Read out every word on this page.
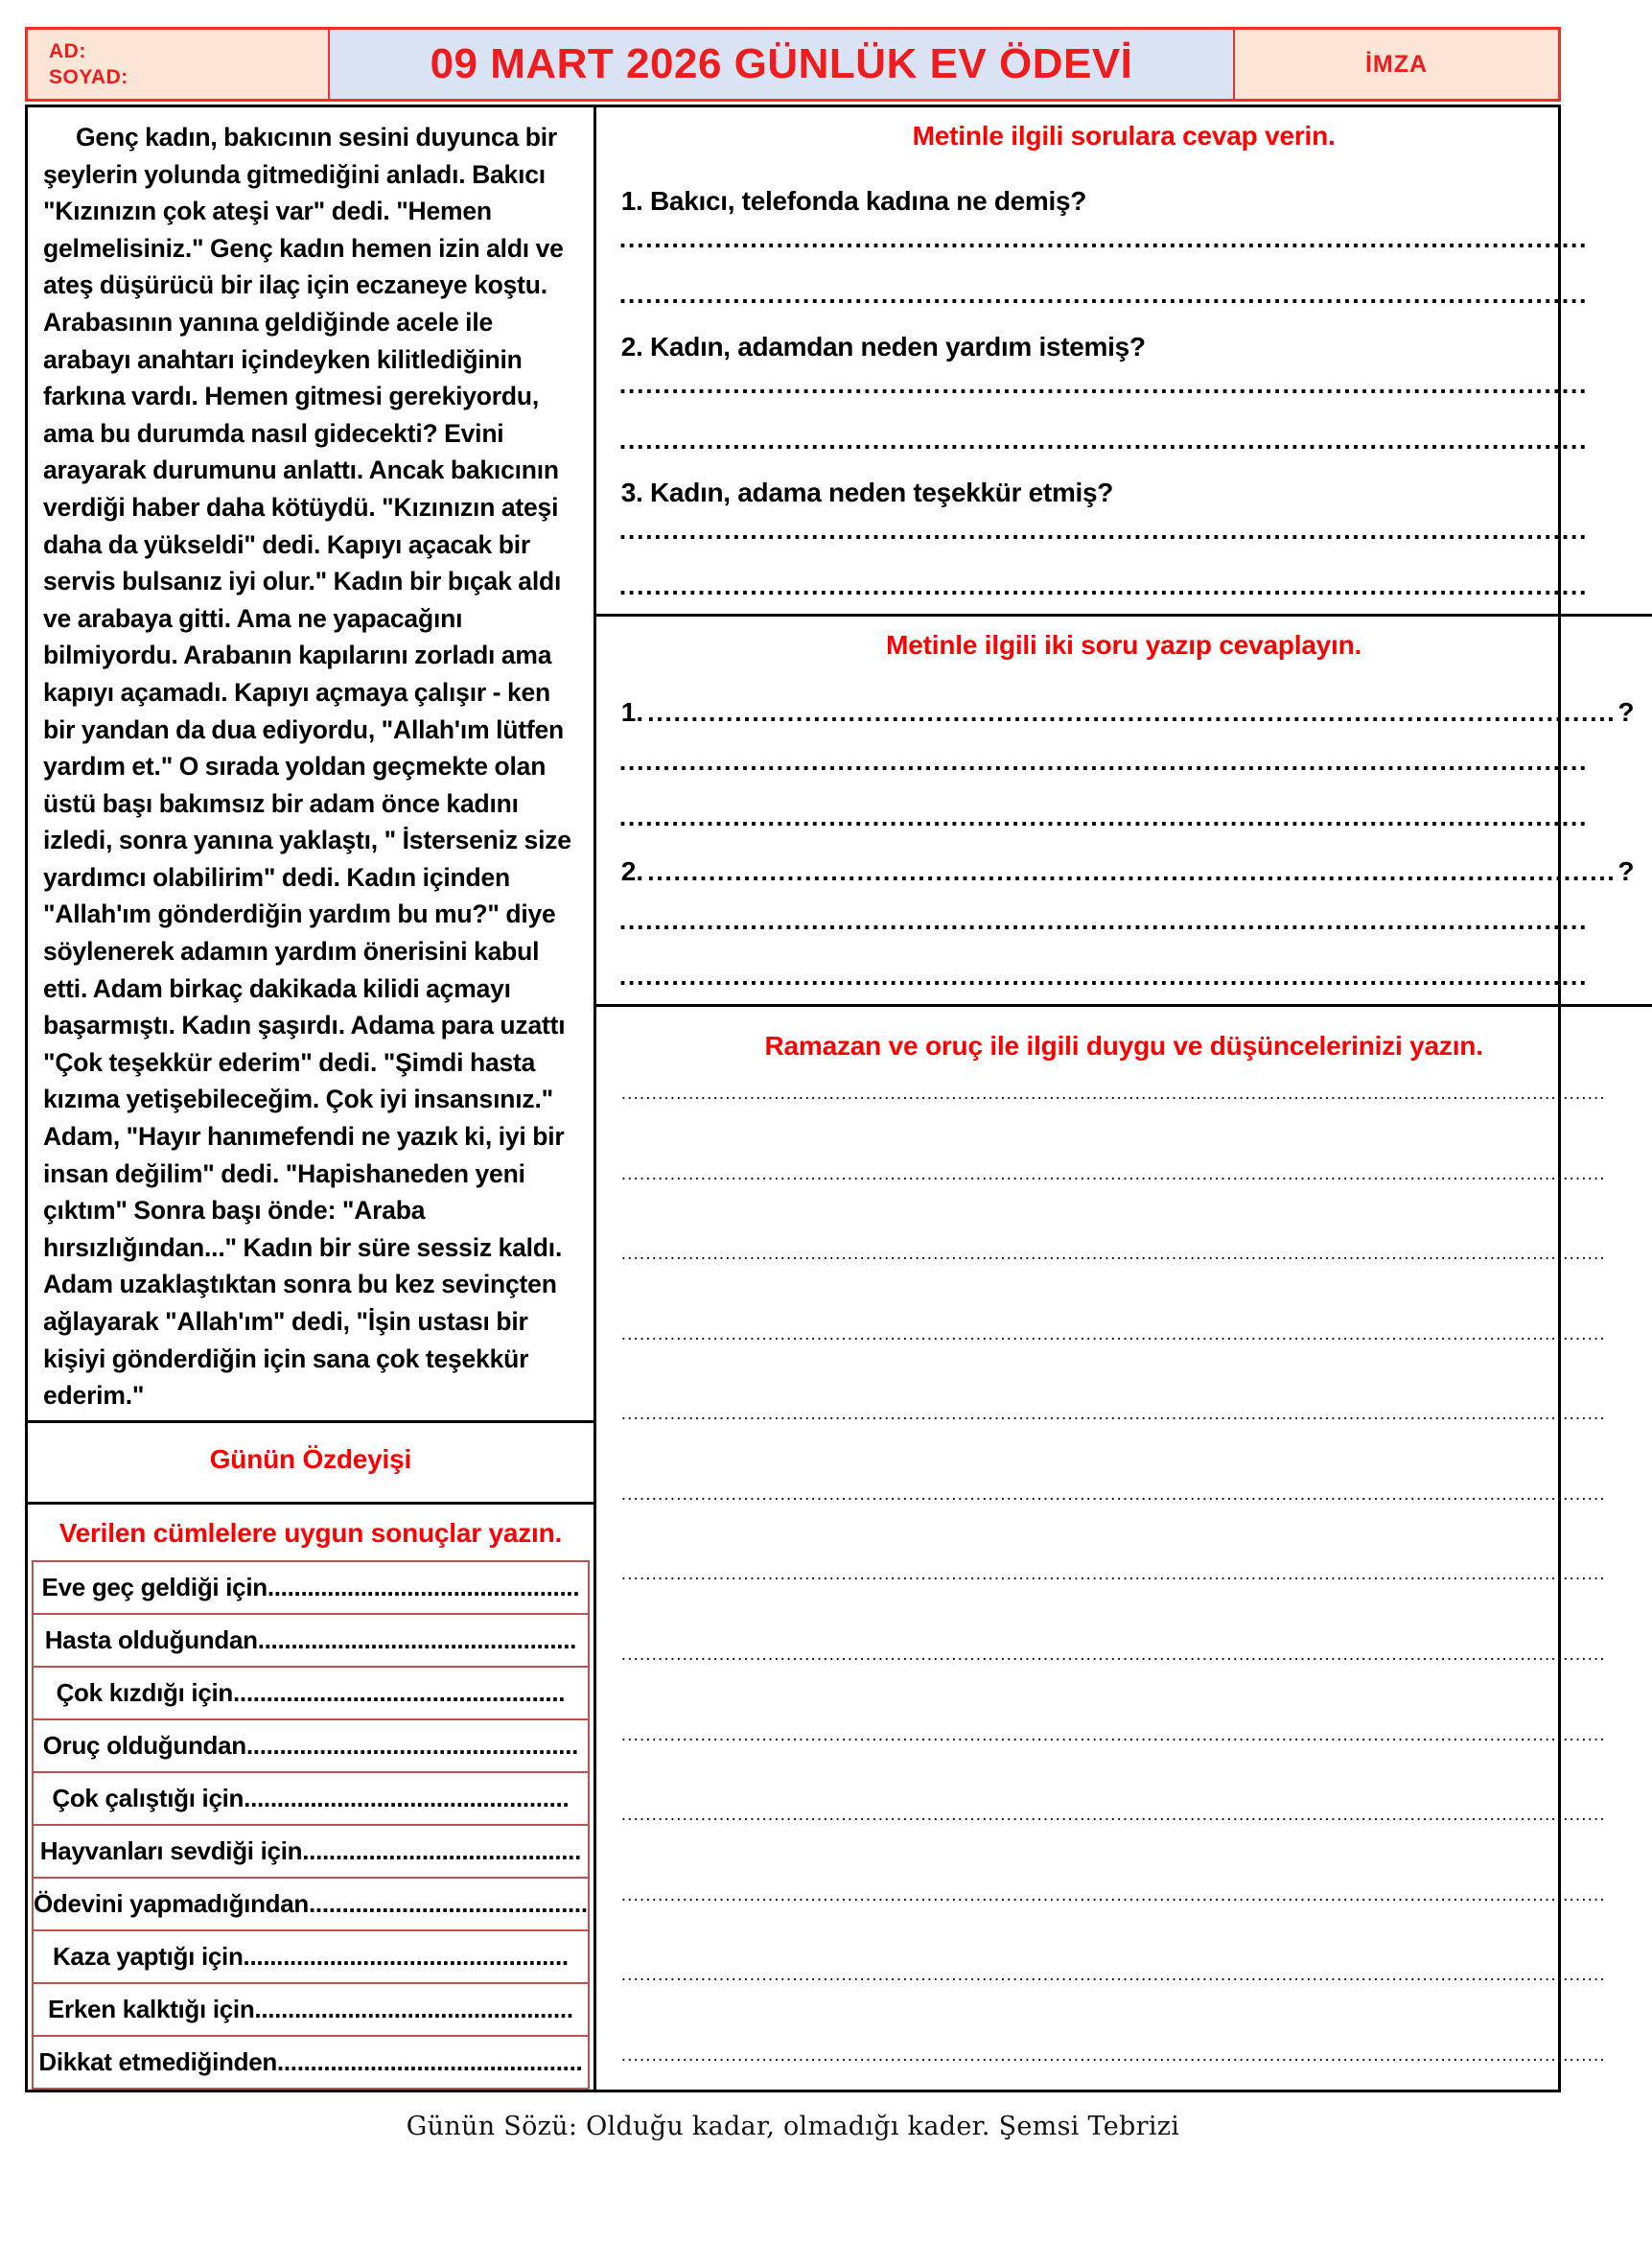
AD:
SOYAD:	09 MART 2026 GÜNLÜK EV ÖDEVİ	İMZA

Genç kadın, bakıcının sesini duyunca bir şeylerin yolunda gitmediğini anladı. Bakıcı "Kızınızın çok ateşi var" dedi. "Hemen gelmelisiniz." Genç kadın hemen izin aldı ve ateş düşürücü bir ilaç için eczaneye koştu. Arabasının yanına geldiğinde acele ile arabayı anahtarı içindeyken kilitlediğinin farkına vardı. Hemen gitmesi gerekiyordu, ama bu durumda nasıl gidecekti? Evini arayarak durumunu anlattı. Ancak bakıcının verdiği haber daha kötüydü. "Kızınızın ateşi daha da yükseldi" dedi. Kapıyı açacak bir servis bulsanız iyi olur." Kadın bir bıçak aldı ve arabaya gitti. Ama ne yapacağını bilmiyordu. Arabanın kapılarını zorladı ama kapıyı açamadı. Kapıyı açmaya çalışır - ken bir yandan da dua ediyordu, "Allah'ım lütfen yardım et." O sırada yoldan geçmekte olan üstü başı bakımsız bir adam önce kadını izledi, sonra yanına yaklaştı, " İsterseniz size yardımcı olabilirim" dedi. Kadın içinden "Allah'ım gönderdiğin yardım bu mu?" diye söylenerek adamın yardım önerisini kabul etti. Adam birkaç dakikada kilidi açmayı başarmıştı. Kadın şaşırdı. Adama para uzattı "Çok teşekkür ederim" dedi. "Şimdi hasta kızıma yetişebileceğim. Çok iyi insansınız." Adam, "Hayır hanımefendi ne yazık ki, iyi bir insan değilim" dedi. "Hapishaneden yeni çıktım" Sonra başı önde: "Araba hırsızlığından..." Kadın bir süre sessiz kaldı. Adam uzaklaştıktan sonra bu kez sevinçten ağlayarak "Allah'ım" dedi, "İşin ustası bir kişiyi gönderdiğin için sana çok teşekkür ederim."

Günün Özdeyişi
Verilen cümlelere uygun sonuçlar yazın.
Eve geç geldiği için...............................................
Hasta olduğundan................................................
Çok kızdığı için..................................................
Oruç olduğundan..................................................
Çok çalıştığı için.................................................
Hayvanları sevdiği için..........................................
Ödevini yapmadığından..........................................
Kaza yaptığı için.................................................
Erken kalktığı için................................................
Dikkat etmediğinden..............................................
Metinle ilgili sorulara cevap verin.
1. Bakıcı, telefonda kadına ne demiş?
...............................................................................................................
...............................................................................................................
2. Kadın, adamdan neden yardım istemiş?
...............................................................................................................
...............................................................................................................
3. Kadın, adama neden teşekkür etmiş?
...............................................................................................................
...............................................................................................................
Metinle ilgili iki soru yazıp cevaplayın.
1. ............................................................................................................... ?
...............................................................................................................
...............................................................................................................
2. ............................................................................................................... ?
...............................................................................................................
...............................................................................................................
Ramazan ve oruç ile ilgili duygu ve düşüncelerinizi yazın.
.................................................................................................................................................................
.................................................................................................................................................................
.................................................................................................................................................................
.................................................................................................................................................................
.................................................................................................................................................................
.................................................................................................................................................................
.................................................................................................................................................................
.................................................................................................................................................................
.................................................................................................................................................................
.................................................................................................................................................................
.................................................................................................................................................................
.................................................................................................................................................................
.................................................................................................................................................................
Günün Sözü: Olduğu kadar, olmadığı kader. Şemsi Tebrizi
